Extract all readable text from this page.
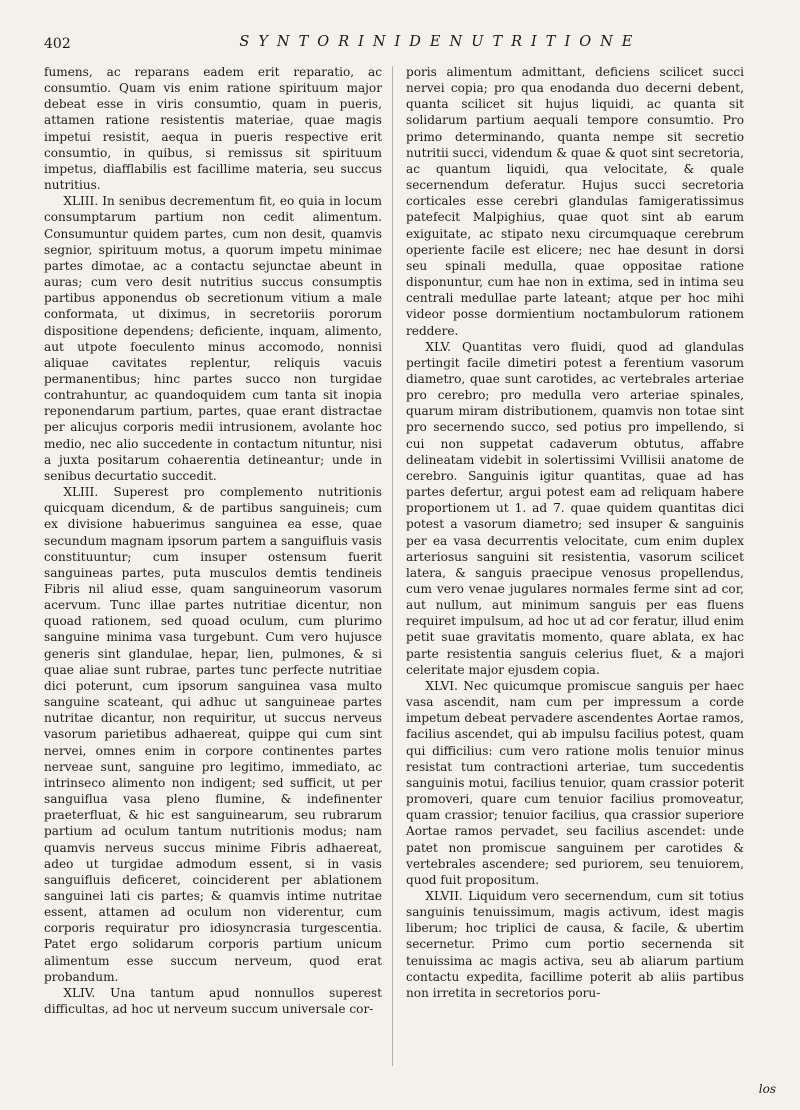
402	S Y N T O R I N I D E N U T R I T I O N E

fumens, ac reparans eadem erit reparatio, ac consumtio. Quam vis enim ratione spirituum major debeat esse in viris consumtio, quam in pueris, attamen ratione resistentis materiae, quae magis impetui resistit, aequa in pueris respective erit consumtio, in quibus, si remissus sit spirituum impetus, diafflabilis est facillime materia, seu succus nutritius.

XLIII. In senibus decrementum fit, eo quia in locum consumptarum partium non cedit alimentum. Consumuntur quidem partes, cum non desit, quamvis segnior, spirituum motus, a quorum impetu minimae partes dimotae, ac a contactu sejunctae abeunt in auras; cum vero desit nutritius succus consumptis partibus apponendus ob secretionum vitium a male conformata, ut diximus, in secretoriis pororum dispositione dependens; deficiente, inquam, alimento, aut utpote foeculento minus accomodo, nonnisi aliquae cavitates replentur, reliquis vacuis permanentibus; hinc partes succo non turgidae contrahuntur, ac quandoquidem cum tanta sit inopia reponendarum partium, partes, quae erant distractae per alicujus corporis medii intrusionem, avolante hoc medio, nec alio succedente in contactum nituntur, nisi a juxta positarum cohaerentia detineantur; unde in senibus decurtatio succedit.

XLIII. Superest pro complemento nutritionis quicquam dicendum, & de partibus sanguineis; cum ex divisione habuerimus sanguinea ea esse, quae secundum magnam ipsorum partem a sanguifluis vasis constituuntur; cum insuper ostensum fuerit sanguineas partes, puta musculos demtis tendineis Fibris nil aliud esse, quam sanguineorum vasorum acervum. Tunc illae partes nutritiae dicentur, non quoad rationem, sed quoad oculum, cum plurimo sanguine minima vasa turgebunt. Cum vero hujusce generis sint glandulae, hepar, lien, pulmones, & si quae aliae sunt rubrae, partes tunc perfecte nutritiae dici poterunt, cum ipsorum sanguinea vasa multo sanguine scateant, qui adhuc ut sanguineae partes nutritae dicantur, non requiritur, ut succus nerveus vasorum parietibus adhaereat, quippe qui cum sint nervei, omnes enim in corpore continentes partes nerveae sunt, sanguine pro legitimo, immediato, ac intrinseco alimento non indigent; sed sufficit, ut per sanguiflua vasa pleno flumine, & indefinenter praeterfluat, & hic est sanguinearum, seu rubrarum partium ad oculum tantum nutritionis modus; nam quamvis nerveus succus minime Fibris adhaereat, adeo ut turgidae admodum essent, si in vasis sanguifluis deficeret, coinciderent per ablationem sanguinei lati cis partes; & quamvis intime nutritae essent, attamen ad oculum non viderentur, cum corporis requiratur pro idiosyncrasia turgescentia. Patet ergo solidarum corporis partium unicum alimentum esse succum nerveum, quod erat probandum.

XLIV. Una tantum apud nonnullos superest difficultas, ad hoc ut nerveum succum universale cor-

poris alimentum admittant, deficiens scilicet succi nervei copia; pro qua enodanda duo decerni debent, quanta scilicet sit hujus liquidi, ac quanta sit solidarum partium aequali tempore consumtio. Pro primo determinando, quanta nempe sit secretio nutritii succi, videndum & quae & quot sint secretoria, ac quantum liquidi, qua velocitate, & quale secernendum deferatur. Hujus succi secretoria corticales esse cerebri glandulas famigeratissimus patefecit Malpighius, quae quot sint ab earum exiguitate, ac stipato nexu circumquaque cerebrum operiente facile est elicere; nec hae desunt in dorsi seu spinali medulla, quae oppositae ratione disponuntur, cum hae non in extima, sed in intima seu centrali medullae parte lateant; atque per hoc mihi videor posse dormientium noctambulorum rationem reddere.

XLV. Quantitas vero fluidi, quod ad glandulas pertingit facile dimetiri potest a ferentium vasorum diametro, quae sunt carotides, ac vertebrales arteriae pro cerebro; pro medulla vero arteriae spinales, quarum miram distributionem, quamvis non totae sint pro secernendo succo, sed potius pro impellendo, si cui non suppetat cadaverum obtutus, affabre delineatam videbit in solertissimi Vvillisii anatome de cerebro. Sanguinis igitur quantitas, quae ad has partes defertur, argui potest eam ad reliquam habere proportionem ut 1. ad 7. quae quidem quantitas dici potest a vasorum diametro; sed insuper & sanguinis per ea vasa decurrentis velocitate, cum enim duplex arteriosus sanguini sit resistentia, vasorum scilicet latera, & sanguis praecipue venosus propellendus, cum vero venae jugulares normales ferme sint ad cor, aut nullum, aut minimum sanguis per eas fluens requiret impulsum, ad hoc ut ad cor feratur, illud enim petit suae gravitatis momento, quare ablata, ex hac parte resistentia sanguis celerius fluet, & a majori celeritate major ejusdem copia.

XLVI. Nec quicumque promiscue sanguis per haec vasa ascendit, nam cum per impressum a corde impetum debeat pervadere ascendentes Aortae ramos, facilius ascendet, qui ab impulsu facilius potest, quam qui difficilius: cum vero ratione molis tenuior minus resistat tum contractioni arteriae, tum succedentis sanguinis motui, facilius tenuior, quam crassior poterit promoveri, quare cum tenuior facilius promoveatur, quam crassior; tenuior facilius, qua crassior superiore Aortae ramos pervadet, seu facilius ascendet: unde patet non promiscue sanguinem per carotides & vertebrales ascendere; sed puriorem, seu tenuiorem, quod fuit propositum.

XLVII. Liquidum vero secernendum, cum sit totius sanguinis tenuissimum, magis activum, idest magis liberum; hoc triplici de causa, & facile, & ubertim secernetur. Primo cum portio secernenda sit tenuissima ac magis activa, seu ab aliarum partium contactu expedita, facillime poterit ab aliis partibus non irretita in secretorios poru-

los
